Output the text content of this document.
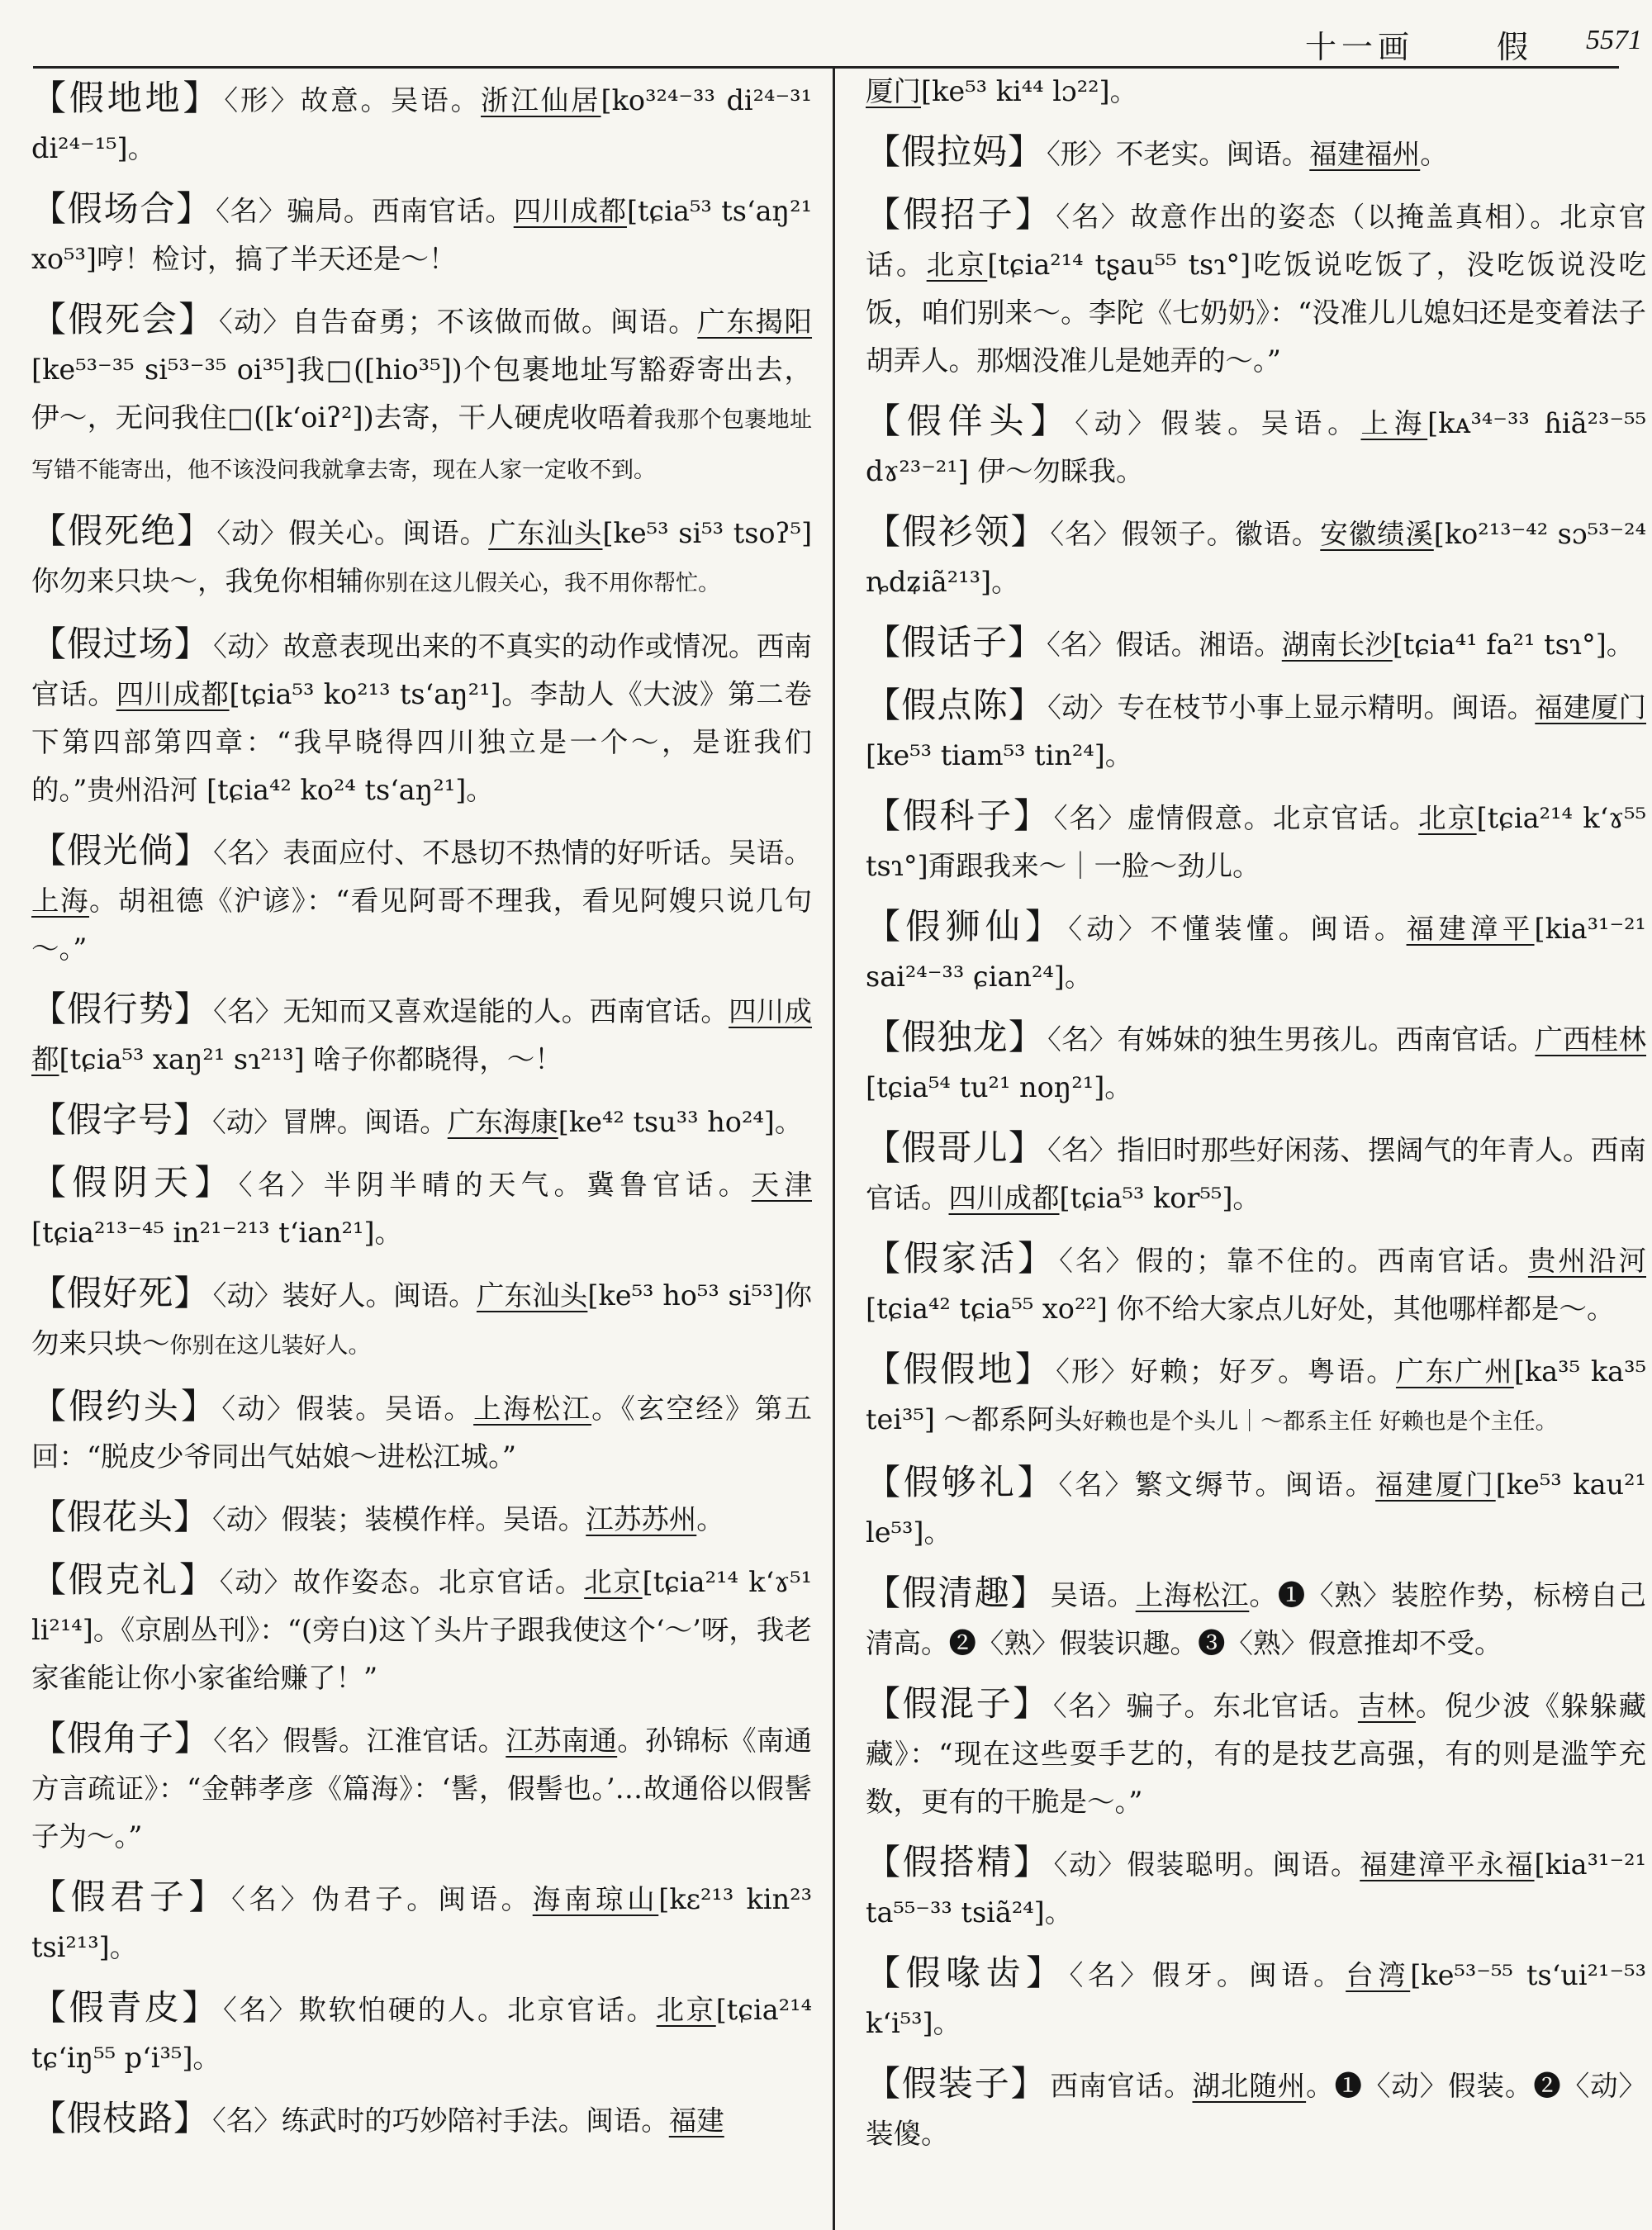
十一画	假 5571

【假地地】 〈形〉故意。吴语。浙江仙居[ko³²⁴⁻³³ di²⁴⁻³¹ di²⁴⁻¹⁵]。

【假场合】 〈名〉骗局。西南官话。四川成都[tɕia⁵³ ts‘aŋ²¹ xo⁵³]哼！检讨，搞了半天还是～！

【假死会】 〈动〉自告奋勇；不该做而做。闽语。广东揭阳[ke⁵³⁻³⁵ si⁵³⁻³⁵ oi³⁵]我□([hio³⁵])个包裹地址写豁孬寄出去，伊～，无问我住□([k‘oiʔ²])去寄，干人硬虎收唔着我那个包裹地址写错不能寄出，他不该没问我就拿去寄，现在人家一定收不到。

【假死绝】 〈动〉假关心。闽语。广东汕头[ke⁵³ si⁵³ tsoʔ⁵] 你勿来只块～，我免你相辅你别在这儿假关心，我不用你帮忙。

【假过场】 〈动〉故意表现出来的不真实的动作或情况。西南官话。四川成都[tɕia⁵³ ko²¹³ ts‘aŋ²¹]。李劼人《大波》第二卷下第四部第四章：“我早晓得四川独立是一个～，是诳我们的。”贵州沿河 [tɕia⁴² ko²⁴ ts‘aŋ²¹]。

【假光倘】 〈名〉表面应付、不恳切不热情的好听话。吴语。上海。胡祖德《沪谚》：“看见阿哥不理我，看见阿嫂只说几句～。”

【假行势】 〈名〉无知而又喜欢逞能的人。西南官话。四川成都[tɕia⁵³ xaŋ²¹ sɿ²¹³] 啥子你都晓得，～！

【假字号】 〈动〉冒牌。闽语。广东海康[ke⁴² tsu³³ ho²⁴]。

【假阴天】 〈名〉半阴半晴的天气。冀鲁官话。天津[tɕia²¹³⁻⁴⁵ in²¹⁻²¹³ t‘ian²¹]。

【假好死】 〈动〉装好人。闽语。广东汕头[ke⁵³ ho⁵³ si⁵³]你勿来只块～你别在这儿装好人。

【假约头】 〈动〉假装。吴语。上海松江。《玄空经》第五回：“脱皮少爷同出气姑娘～进松江城。”

【假花头】 〈动〉假装；装模作样。吴语。江苏苏州。

【假克礼】 〈动〉故作姿态。北京官话。北京[tɕia²¹⁴ k‘ɤ⁵¹ li²¹⁴]。《京剧丛刊》：“(旁白)这丫头片子跟我使这个‘～’呀，我老家雀能让你小家雀给赚了！”

【假角子】 〈名〉假髻。江淮官话。江苏南通。孙锦标《南通方言疏证》：“金韩孝彦《篇海》：‘髺，假髻也。’…故通俗以假髺子为～。”

【假君子】 〈名〉伪君子。闽语。海南琼山[kɛ²¹³ kin²³ tsi²¹³]。

【假青皮】 〈名〉欺软怕硬的人。北京官话。北京[tɕia²¹⁴ tɕ‘iŋ⁵⁵ p‘i³⁵]。

【假枝路】 〈名〉练武时的巧妙陪衬手法。闽语。福建

厦门[ke⁵³ ki⁴⁴ lɔ²²]。

【假拉妈】 〈形〉不老实。闽语。福建福州。

【假招子】 〈名〉故意作出的姿态（以掩盖真相）。北京官话。北京[tɕia²¹⁴ tʂau⁵⁵ tsɿ°]吃饭说吃饭了，没吃饭说没吃饭，咱们别来～。李陀《七奶奶》：“没准儿儿媳妇还是变着法子胡弄人。那烟没准儿是她弄的～。”

【假佯头】 〈动〉假装。吴语。上海[kᴀ³⁴⁻³³ ɦiã²³⁻⁵⁵ dɤ²³⁻²¹] 伊～勿睬我。

【假衫领】 〈名〉假领子。徽语。安徽绩溪[ko²¹³⁻⁴² sɔ⁵³⁻²⁴ ȵdʑiã²¹³]。

【假话子】 〈名〉假话。湘语。湖南长沙[tɕia⁴¹ fa²¹ tsɿ°]。

【假点陈】 〈动〉专在枝节小事上显示精明。闽语。福建厦门[ke⁵³ tiam⁵³ tin²⁴]。

【假科子】 〈名〉虚情假意。北京官话。北京[tɕia²¹⁴ k‘ɤ⁵⁵ tsɿ°]甭跟我来～｜一脸～劲儿。

【假狮仙】 〈动〉不懂装懂。闽语。福建漳平[kia³¹⁻²¹ sai²⁴⁻³³ ɕian²⁴]。

【假独龙】 〈名〉有姊妹的独生男孩儿。西南官话。广西桂林[tɕia⁵⁴ tu²¹ noŋ²¹]。

【假哥儿】 〈名〉指旧时那些好闲荡、摆阔气的年青人。西南官话。四川成都[tɕia⁵³ kor⁵⁵]。

【假家活】 〈名〉假的；靠不住的。西南官话。贵州沿河[tɕia⁴² tɕia⁵⁵ xo²²] 你不给大家点儿好处，其他哪样都是～。

【假假地】 〈形〉好赖；好歹。粤语。广东广州[ka³⁵ ka³⁵ tei³⁵] ～都系阿头好赖也是个头儿｜～都系主任 好赖也是个主任。

【假够礼】 〈名〉繁文缛节。闽语。福建厦门[ke⁵³ kau²¹ le⁵³]。

【假清趣】 吴语。上海松江。❶〈熟〉装腔作势，标榜自己清高。❷〈熟〉假装识趣。❸〈熟〉假意推却不受。

【假混子】 〈名〉骗子。东北官话。吉林。倪少波《躲躲藏藏》：“现在这些耍手艺的，有的是技艺高强，有的则是滥竽充数，更有的干脆是～。”

【假搭精】 〈动〉假装聪明。闽语。福建漳平永福[kia³¹⁻²¹ ta⁵⁵⁻³³ tsiã²⁴]。

【假喙齿】 〈名〉假牙。闽语。台湾[ke⁵³⁻⁵⁵ ts‘ui²¹⁻⁵³ k‘i⁵³]。

【假装子】 西南官话。湖北随州。❶〈动〉假装。❷〈动〉装傻。
